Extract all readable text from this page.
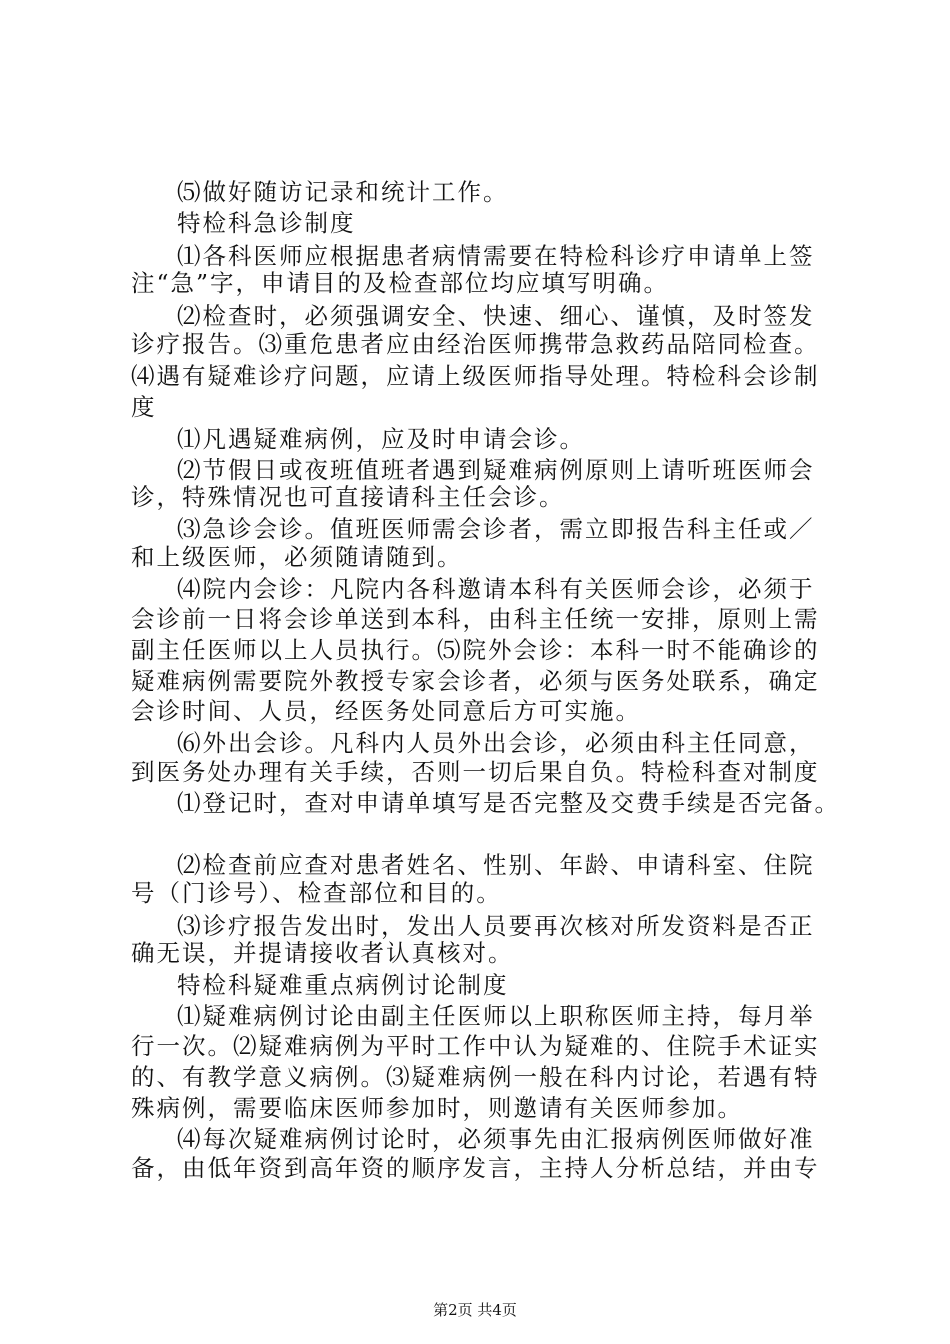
⑸做好随访记录和统计工作。
特检科急诊制度
⑴各科医师应根据患者病情需要在特检科诊疗申请单上签
注“急”字，申请目的及检查部位均应填写明确。
⑵检查时，必须强调安全、快速、细心、谨慎，及时签发
诊疗报告。⑶重危患者应由经治医师携带急救药品陪同检查。
⑷遇有疑难诊疗问题，应请上级医师指导处理。特检科会诊制
度
⑴凡遇疑难病例，应及时申请会诊。
⑵节假日或夜班值班者遇到疑难病例原则上请听班医师会
诊，特殊情况也可直接请科主任会诊。
⑶急诊会诊。值班医师需会诊者，需立即报告科主任或／
和上级医师，必须随请随到。
⑷院内会诊：凡院内各科邀请本科有关医师会诊，必须于
会诊前一日将会诊单送到本科，由科主任统一安排，原则上需
副主任医师以上人员执行。⑸院外会诊：本科一时不能确诊的
疑难病例需要院外教授专家会诊者，必须与医务处联系，确定
会诊时间、人员，经医务处同意后方可实施。
⑹外出会诊。凡科内人员外出会诊，必须由科主任同意，
到医务处办理有关手续，否则一切后果自负。特检科查对制度
⑴登记时，查对申请单填写是否完整及交费手续是否完备。
⑵检查前应查对患者姓名、性别、年龄、申请科室、住院
号（门诊号）、检查部位和目的。
⑶诊疗报告发出时，发出人员要再次核对所发资料是否正
确无误，并提请接收者认真核对。
特检科疑难重点病例讨论制度
⑴疑难病例讨论由副主任医师以上职称医师主持，每月举
行一次。⑵疑难病例为平时工作中认为疑难的、住院手术证实
的、有教学意义病例。⑶疑难病例一般在科内讨论，若遇有特
殊病例，需要临床医师参加时，则邀请有关医师参加。
⑷每次疑难病例讨论时，必须事先由汇报病例医师做好准
备，由低年资到高年资的顺序发言，主持人分析总结，并由专
第2页 共4页
